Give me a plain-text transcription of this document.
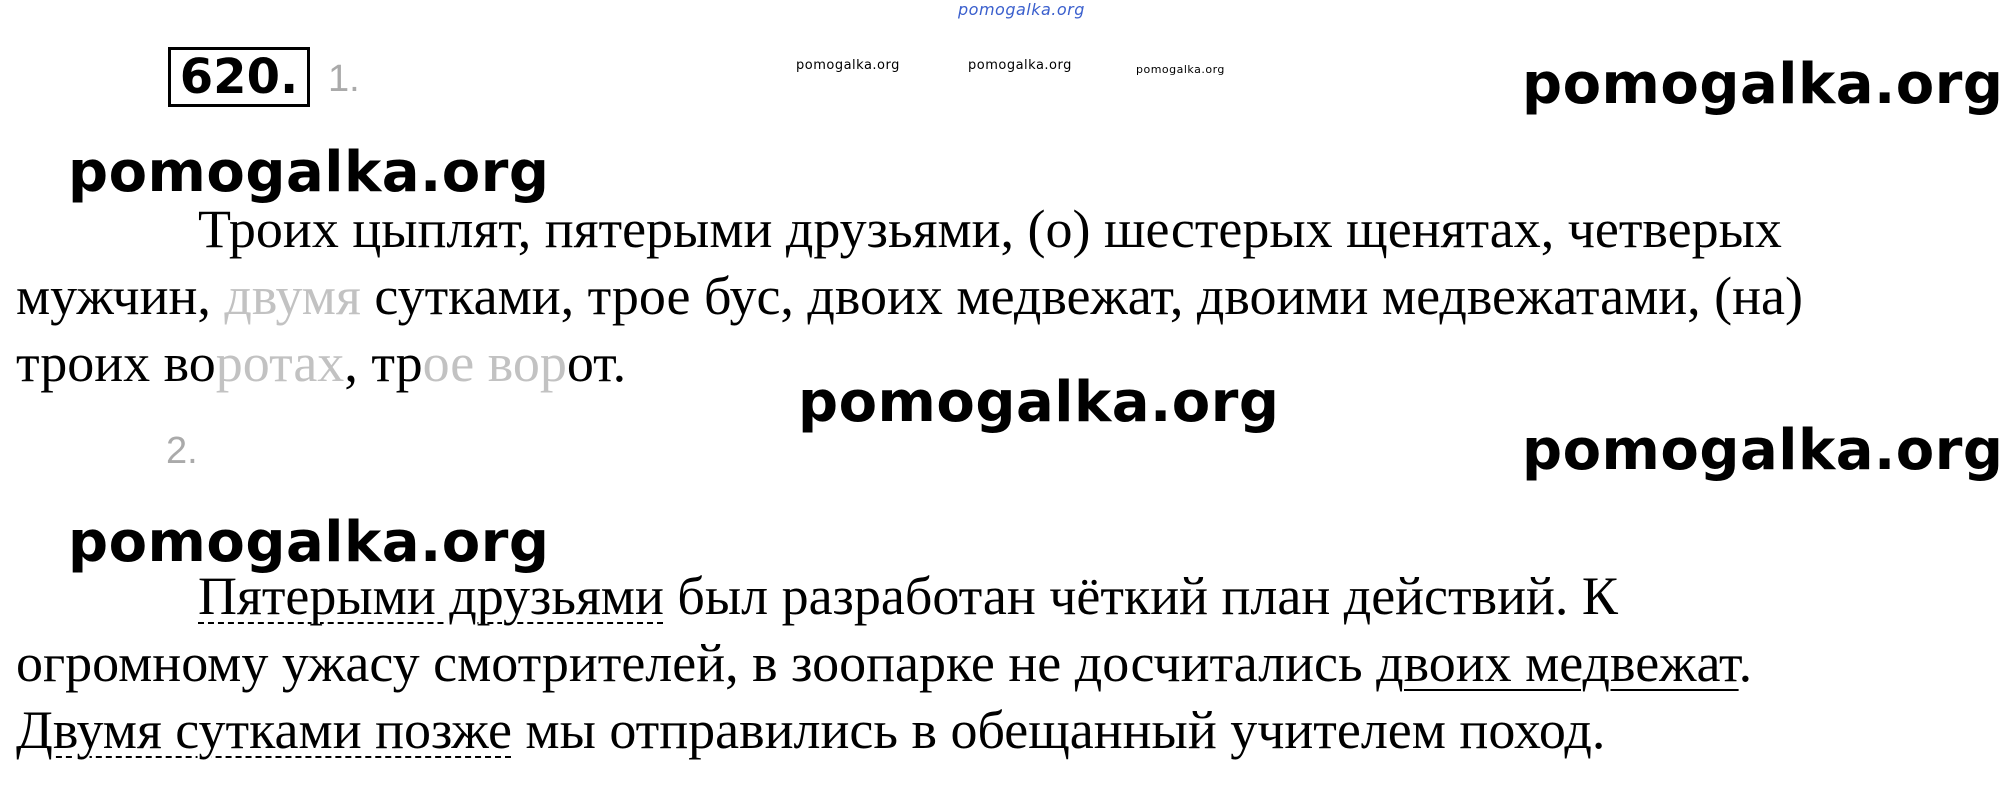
pomogalka.org
pomogalka.org	pomogalka.org	pomogalka.org	pomogalka.org
pomogalka.org
pomogalka.org
pomogalka.org
pomogalka.org
620. 1.
2.
Троих цыплят, пятерыми друзьями, (о) шестерых щенятах, четверых
мужчин, двумя сутками, трое бус, двоих медвежат, двоими медвежатами, (на)
троих воротах, трое ворот.
Пятерыми друзьями был разработан чёткий план действий. К
огромному ужасу смотрителей, в зоопарке не досчитались двоих медвежат.
Двумя сутками позже мы отправились в обещанный учителем поход.
